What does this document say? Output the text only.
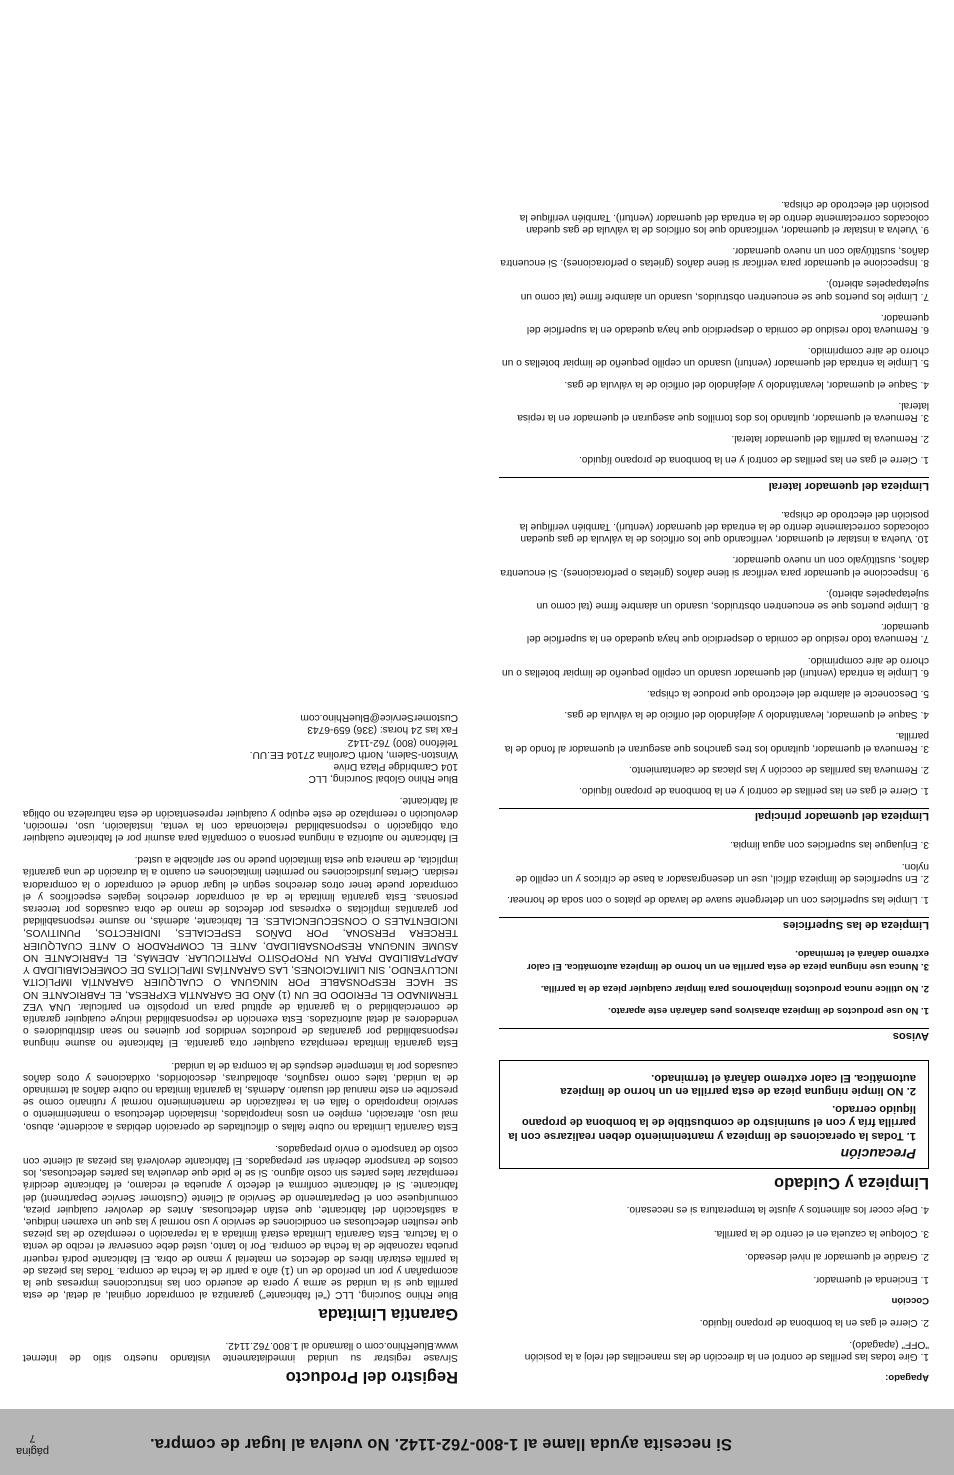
Si necesita ayuda llame al 1-800-762-1142. No vuelva al lugar de compra.
página
7
Apagado:
1. Gire todas las perillas de control en la dirección de las manecillas del reloj a la posición "OFF" (apagado).
2. Cierre el gas en la bombona de propano líquido.
Cocción
1. Encienda el quemador.
2. Gradúe el quemador al nivel deseado.
3. Coloque la cazuela en el centro de la parrilla.
4. Deje cocer los alimentos y ajuste la temperatura si es necesario.
Limpieza y Cuidado
Precaución
1. Todas la operaciones de limpieza y mantenimiento deben realizarse con la parrilla fría y con el suministro de combustible de la bombona de propano líquido cerrado.
2. NO limpie ninguna pieza de esta parrilla en un horno de limpieza automática. El calor extremo dañará el terminado.
Avisos
1. No use productos de limpieza abrasivos pues dañarán este aparato.
2. No utilice nunca productos limpiahornos para limpiar cualquier pieza de la parrilla.
3. Nunca use ninguna pieza de esta parrilla en un horno de limpieza automática. El calor extremo dañará el terminado.
Limpieza de las Superficies
1. Limpie las superficies con un detergente suave de lavado de platos o con soda de hornear.
2. En superficies de limpieza difícil, use un desengrasador a base de cítricos y un cepillo de nylon.
3. Enjuague las superficies con agua limpia.
Limpieza del quemador principal
1. Cierre el gas en las perillas de control y en la bombona de propano líquido.
2. Remueva las parrillas de cocción y las placas de calentamiento.
3. Remueva el quemador, quitando los tres ganchos que aseguran el quemador al fondo de la parrilla.
4. Saque el quemador, levantándolo y alejándolo del orificio de la válvula de gas.
5. Desconecte el alambre del electrodo que produce la chispa.
6. Limpie la entrada (venturi) del quemador usando un cepillo pequeño de limpiar botellas o un chorro de aire comprimido.
7. Remueva todo residuo de comida o desperdicio que haya quedado en la superficie del quemador.
8. Limpie puertos que se encuentren obstruidos, usando un alambre firme (tal como un sujetapapeles abierto).
9. Inspeccione el quemador para verificar si tiene daños (grietas o perforaciones). Si encuentra daños, sustitúyalo con un nuevo quemador.
10. Vuelva a instalar el quemador, verificando que los orificios de la válvula de gas quedan colocados correctamente dentro de la entrada del quemador (venturi). También verifique la posición del electrodo de chispa.
Limpieza del quemador lateral
1. Cierre el gas en las perillas de control y en la bombona de propano líquido.
2. Remueva la parrilla del quemador lateral.
3. Remueva el quemador, quitando los dos tornillos que aseguran el quemador en la repisa lateral.
4. Saque el quemador, levantándolo y alejándolo del orificio de la válvula de gas.
5. Limpie la entrada del quemador (venturi) usando un cepillo pequeño de limpiar botellas o un chorro de aire comprimido.
6. Remueva todo residuo de comida o desperdicio que haya quedado en la superficie del quemador.
7. Limpie los puertos que se encuentren obstruidos, usando un alambre firme (tal como un sujetapapeles abierto).
8. Inspeccione el quemador para verificar si tiene daños (grietas o perforaciones). Si encuentra daños, sustitúyalo con un nuevo quemador.
9. Vuelva a instalar el quemador, verificando que los orificios de la válvula de gas quedan colocados correctamente dentro de la entrada del quemador (venturi). También verifique la posición del electrodo de chispa.
Registro del Producto

Sírvase registrar su unidad inmediatamente visitando nuestro sitio de internet www.BlueRhino.com o llamando al 1.800.762.1142.

Garantía Limitada

Blue Rhino Sourcing, LLC ("el fabricante") garantiza al comprador original, al detal, de esta parrilla que si la unidad se arma y opera de acuerdo con las instrucciones impresas que la acompañan y por un período de un (1) año a partir de la fecha de compra. Todas las piezas de la parrilla estarán libres de defectos en material y mano de obra. El fabricante podrá requerir prueba razonable de la fecha de compra. Por lo tanto, usted debe conservar el recibo de venta o la factura. Esta Garantía Limitada estará limitada a la reparación o reemplazo de las piezas que resulten defectuosas en condiciones de servicio y uso normal y las que un examen indique, a satisfacción del fabricante, que están defectuosas. Antes de devolver cualquier pieza, comuníquese con el Departamento de Servicio al Cliente (Customer Service Department) del fabricante. Si el fabricante confirma el defecto y aprueba el reclamo, el fabricante decidirá reemplazar tales partes sin costo alguno. Si se le pide que devuelva las partes defectuosas, los costos de transporte deberán ser prepagados. El fabricante devolverá las piezas al cliente con costo de transporte o envío prepagados.

Esta Garantía Limitada no cubre fallas o dificultades de operación debidas a accidente, abuso, mal uso, alteración, empleo en usos inapropiados, instalación defectuosa o mantenimiento o servicio inapropiado o falla en la realización de mantenimiento normal y rutinario como se prescribe en este manual del usuario. Además, la garantía limitada no cubre daños al terminado de la unidad, tales como rasguños, abolladuras, descoloridos, oxidaciones y otros daños causados por la intemperie después de la compra de la unidad.

Esta garantía limitada reemplaza cualquier otra garantía. El fabricante no asume ninguna responsabilidad por garantías de productos vendidos por quienes no sean distribuidores o vendedores al detal autorizados. Esta exención de responsabilidad incluye cualquier garantía de comerciabilidad o la garantía de aptitud para un propósito en particular. UNA VEZ TERMINADO EL PERIODO DE UN (1) AÑO DE GARANTÍA EXPRESA, EL FABRICANTE NO SE HACE RESPONSABLE POR NINGUNA O CUALQUIER GARANTÍA IMPLÍCITA INCLUYENDO, SIN LIMITACIONES, LAS GARANTÍAS IMPLÍCITAS DE COMERCIABILIDAD Y ADAPTABILIDAD PARA UN PROPÓSITO PARTICULAR. ADEMÁS, EL FABRICANTE NO ASUME NINGUNA RESPONSABILIDAD, ANTE EL COMPRADOR O ANTE CUALQUIER TERCERA PERSONA, POR DAÑOS ESPECIALES, INDIRECTOS, PUNITIVOS, INCIDENTALES O CONSECUENCIALES. EL fabricante, además, no asume responsabilidad por garantías implícitas o expresas por defectos de mano de obra causados por terceras personas. Esta garantía limitada le da al comprador derechos legales específicos y el comprador puede tener otros derechos según el lugar donde el comprador o la compradora residan. Ciertas jurisdicciones no permiten limitaciones en cuanto a la duración de una garantía implícita, de manera que esta limitación puede no ser aplicable a usted.

El fabricante no autoriza a ninguna persona o compañía para asumir por el fabricante cualquier otra obligación o responsabilidad relacionada con la venta, instalación, uso, remoción, devolución o reemplazo de este equipo y cualquier representación de esta naturaleza no obliga al fabricante.

Blue Rhino Global Sourcing, LLC
104 Cambridge Plaza Drive
Winston-Salem, North Carolina 27104 EE.UU.
Teléfono (800) 762-1142
Fax las 24 horas: (336) 659-6743
CustomerService@BlueRhino.com
